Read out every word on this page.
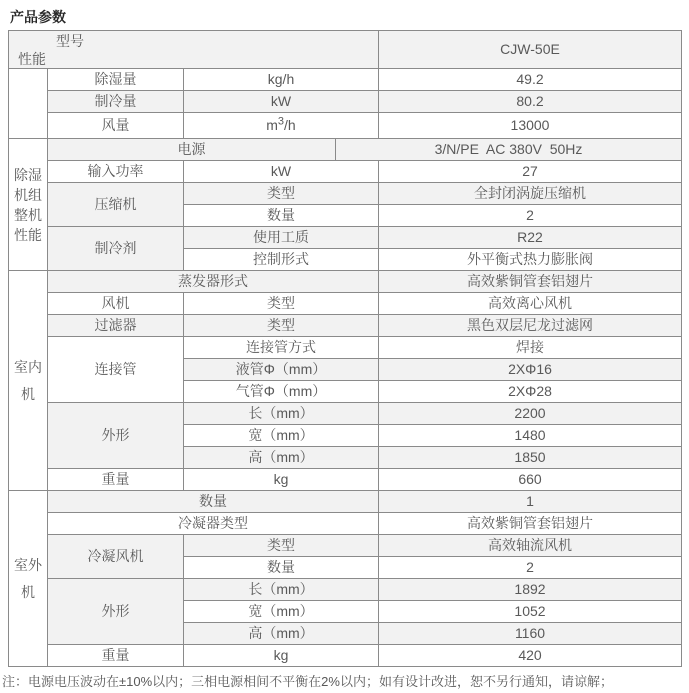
产品参数
型号
性能				CJW-50E
	除湿量	kg/h		49.2
	制冷量	kW		80.2
	风量	$m^3/h$		13000
除湿
机组
整机
性能	电源		3/N/PE  AC 380V  50Hz	
	输入功率	kW		27
	压缩机	类型		全封闭涡旋压缩机
		数量		2
	制冷剂	使用工质		R22
		控制形式		外平衡式热力膨胀阀
室内
机	蒸发器形式			高效紫铜管套铝翅片
	风机	类型		高效离心风机
	过滤器	类型		黑色双层尼龙过滤网
	连接管	连接管方式		焊接
		液管Φ（mm）		2XΦ16
		气管Φ（mm）		2XΦ28
	外形	长（mm）		2200
		宽（mm）		1480
		高（mm）		1850
	重量	kg		660
室外
机	数量			1
	冷凝器类型			高效紫铜管套铝翅片
	冷凝风机	类型		高效轴流风机
		数量		2
	外形	长（mm）		1892
		宽（mm）		1052
		高（mm）		1160
	重量	kg		420
注：电源电压波动在±10%以内；三相电源相间不平衡在2%以内；如有设计改进，恕不另行通知，请谅解；
